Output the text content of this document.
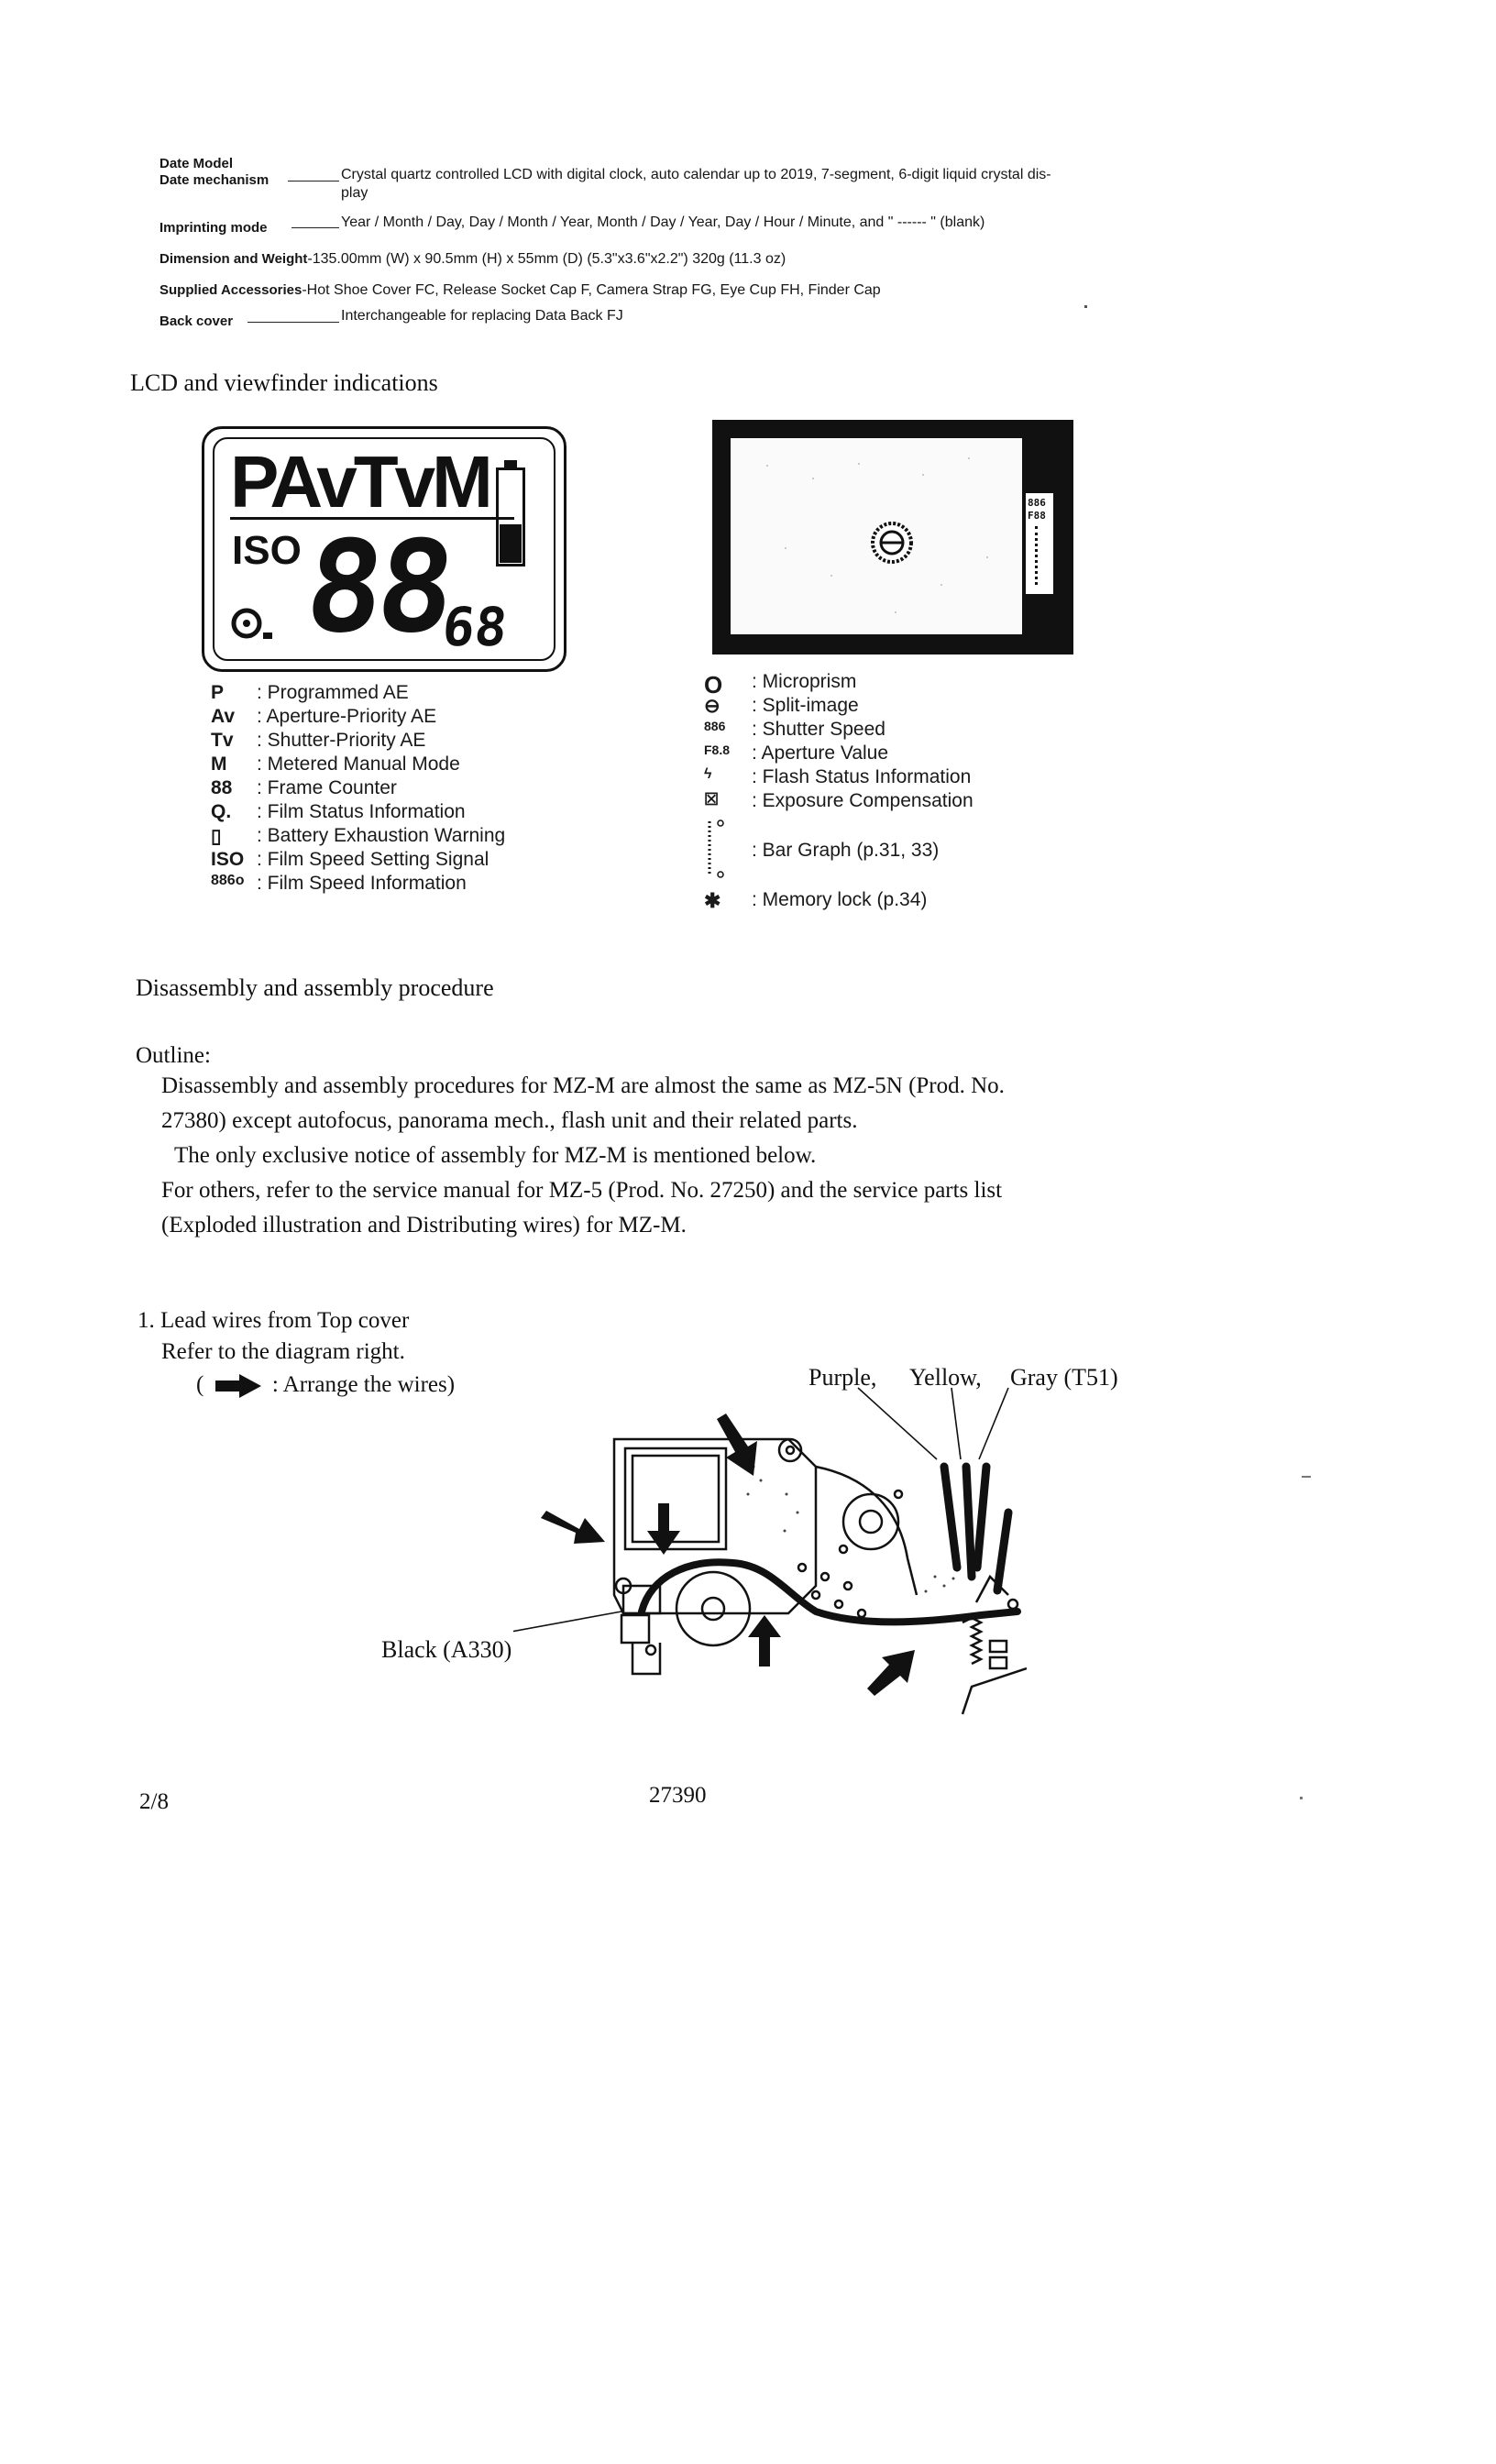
Date Model
Date mechanism	Crystal quartz controlled LCD with digital clock, auto calendar up to 2019, 7-segment, 6-digit liquid crystal dis-
play
Imprinting mode	Year / Month / Day, Day / Month / Year, Month / Day / Year, Day / Hour / Minute, and " ------ " (blank)
Dimension and Weight-135.00mm (W) x 90.5mm (H) x 55mm (D) (5.3"x3.6"x2.2") 320g (11.3 oz)
Supplied Accessories-Hot Shoe Cover FC, Release Socket Cap F, Camera Strap FG, Eye Cup FH, Finder Cap
Back cover	Interchangeable for replacing Data Back FJ
LCD and viewfinder indications
PAvTvM
ISO
88
68
886
F88
P	: Programmed AE
Av	: Aperture-Priority AE
Tv	: Shutter-Priority AE
M	: Metered Manual Mode
88	: Frame Counter
Q.	: Film Status Information
▯	: Battery Exhaustion Warning
ISO : Film Speed Setting Signal
886o : Film Speed Information
O	: Microprism
⊖	: Split-image
886	: Shutter Speed
F8.8	: Aperture Value
ϟ	: Flash Status Information
☒	: Exposure Compensation
: Bar Graph (p.31, 33)
✱	: Memory lock (p.34)
Disassembly and assembly procedure
Outline:
Disassembly and assembly procedures for MZ-M are almost the same as MZ-5N (Prod. No.
27380) except autofocus, panorama mech., flash unit and their related parts.
The only exclusive notice of assembly for MZ-M is mentioned below.
For others, refer to the service manual for MZ-5 (Prod. No. 27250) and the service parts list
(Exploded illustration and Distributing wires) for MZ-M.
1. Lead wires from Top cover
Refer to the diagram right.
(	: Arrange the wires)	Purple, Yellow, Gray (T51)
Black (A330)
2/8	27390
